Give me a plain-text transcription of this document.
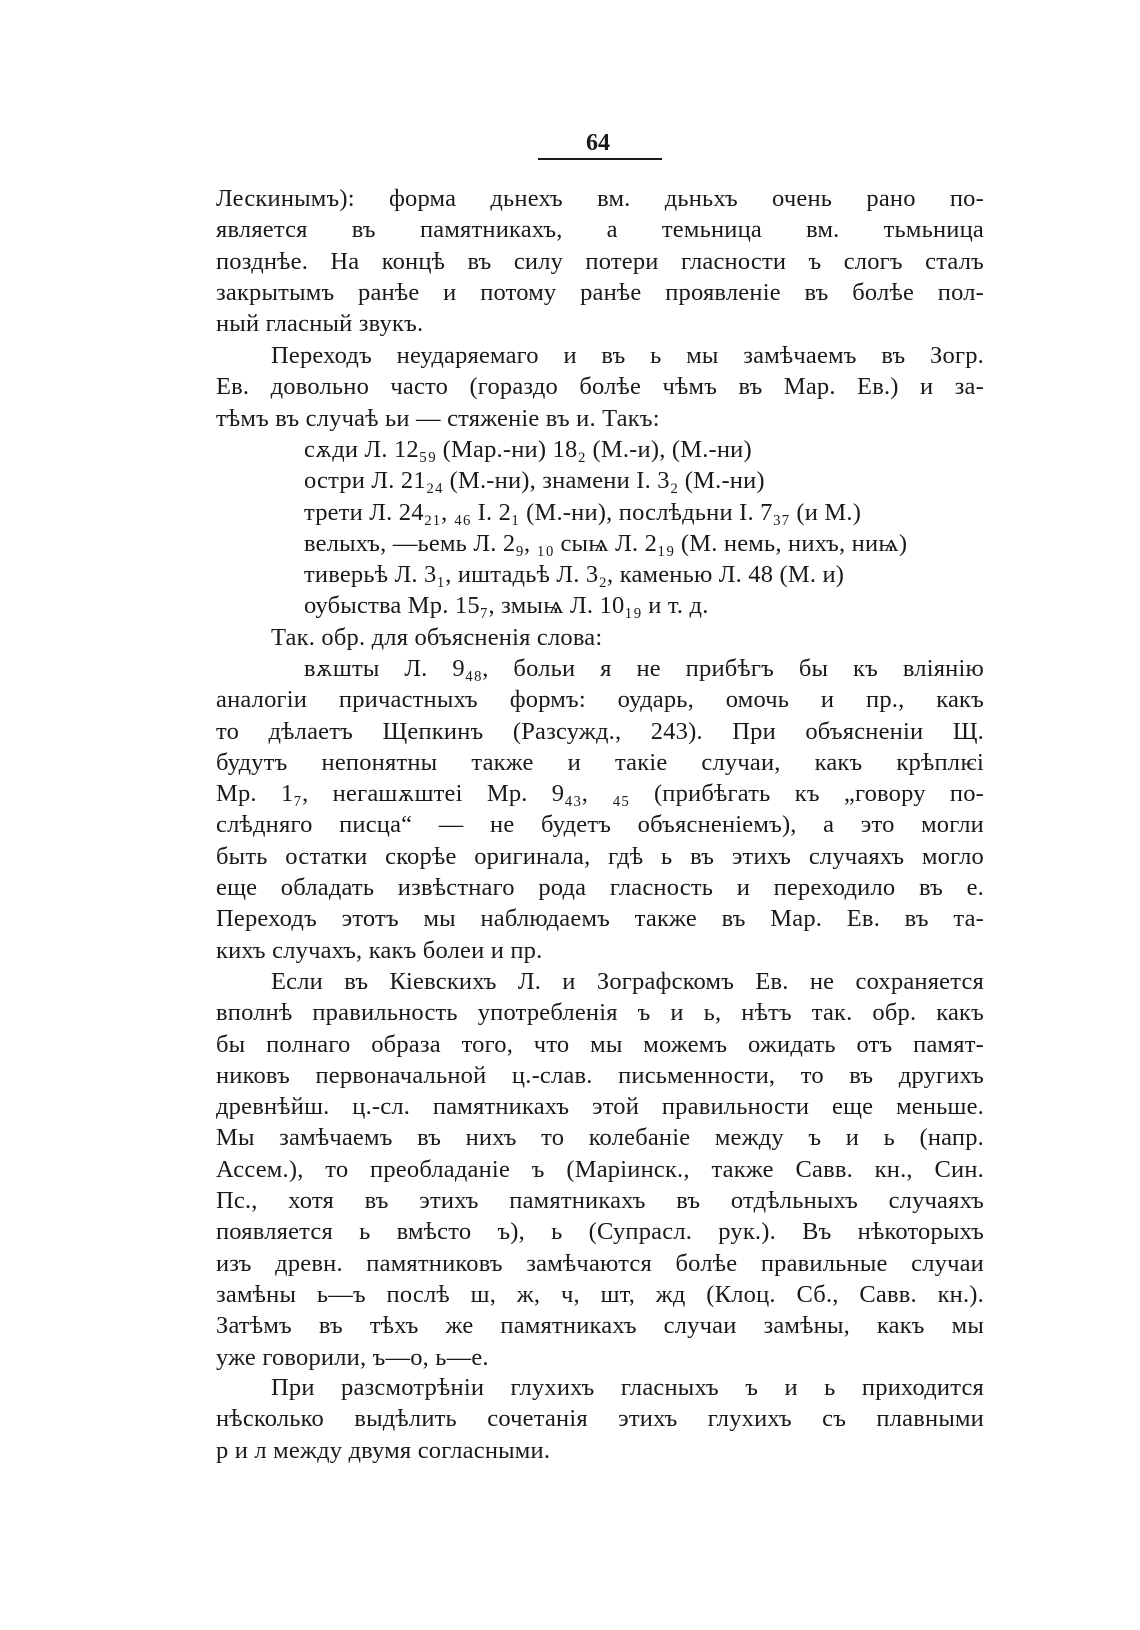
64
Лескинымъ): форма дьнехъ вм. дьньхъ очень рано по-
является въ памятникахъ, а темьница вм. тьмьница
позднѣе. На концѣ въ силу потери гласности ъ слогъ сталъ
закрытымъ ранѣе и потому ранѣе проявленіе въ болѣе пол-
ный гласный звукъ.
Переходъ неударяемаго и въ ь мы замѣчаемъ въ Зогр.
Ев. довольно часто (гораздо болѣе чѣмъ въ Мар. Ев.) и за-
тѣмъ въ случаѣ ьи — стяженіе въ и. Такъ:
сѫди Л. 12₅₉ (Мар.-ни) 18₂ (М.-и), (М.-ни)
остри Л. 21₂₄ (М.-ни), знамени І. 3₂ (М.-ни)
трети Л. 24₂₁, ₄₆ І. 2₁ (М.-ни), послѣдьни І. 7₃₇ (и М.)
велыхъ, —ьемь Л. 2₉, ₁₀ сыѩ Л. 2₁₉ (М. немь, нихъ, ниѩ)
тиверьѣ Л. 3₁, иштадьѣ Л. 3₂, каменью Л. 48 (М. и)
оубыства Мр. 15₇, змыѩ Л. 10₁₉ и т. д.
Так. обр. для объясненія слова:
вѫшты Л. 9₄₈, больи я не прибѣгъ бы къ вліянію
аналогіи причастныхъ формъ: оударь, омочь и пр., какъ
то дѣлаетъ Щепкинъ (Разсужд., 243). При объясненіи Щ.
будутъ непонятны также и такіе случаи, какъ крѣплѥі
Мр. 1₇, негашѫштеі Мр. 9₄₃, ₄₅ (прибѣгать къ „говору по-
слѣдняго писца“ — не будетъ объясненіемъ), а это могли
быть остатки скорѣе оригинала, гдѣ ь въ этихъ случаяхъ могло
еще обладать извѣстнаго рода гласность и переходило въ е.
Переходъ этотъ мы наблюдаемъ также въ Мар. Ев. въ та-
кихъ случахъ, какъ болеи и пр.
Если въ Кіевскихъ Л. и Зографскомъ Ев. не сохраняется
вполнѣ правильность употребленія ъ и ь, нѣтъ так. обр. какъ
бы полнаго образа того, что мы можемъ ожидать отъ памят-
никовъ первоначальной ц.-слав. письменности, то въ другихъ
древнѣйш. ц.-сл. памятникахъ этой правильности еще меньше.
Мы замѣчаемъ въ нихъ то колебаніе между ъ и ь (напр.
Ассем.), то преобладаніе ъ (Маріинск., также Савв. кн., Син.
Пс., хотя въ этихъ памятникахъ въ отдѣльныхъ случаяхъ
появляется ь вмѣсто ъ), ь (Супрасл. рук.). Въ нѣкоторыхъ
изъ древн. памятниковъ замѣчаются болѣе правильные случаи
замѣны ь—ъ послѣ ш, ж, ч, шт, жд (Клоц. Сб., Савв. кн.).
Затѣмъ въ тѣхъ же памятникахъ случаи замѣны, какъ мы
уже говорили, ъ—о, ь—е.
При разсмотрѣніи глухихъ гласныхъ ъ и ь приходится
нѣсколько выдѣлить сочетанія этихъ глухихъ съ плавными
р и л между двумя согласными.
